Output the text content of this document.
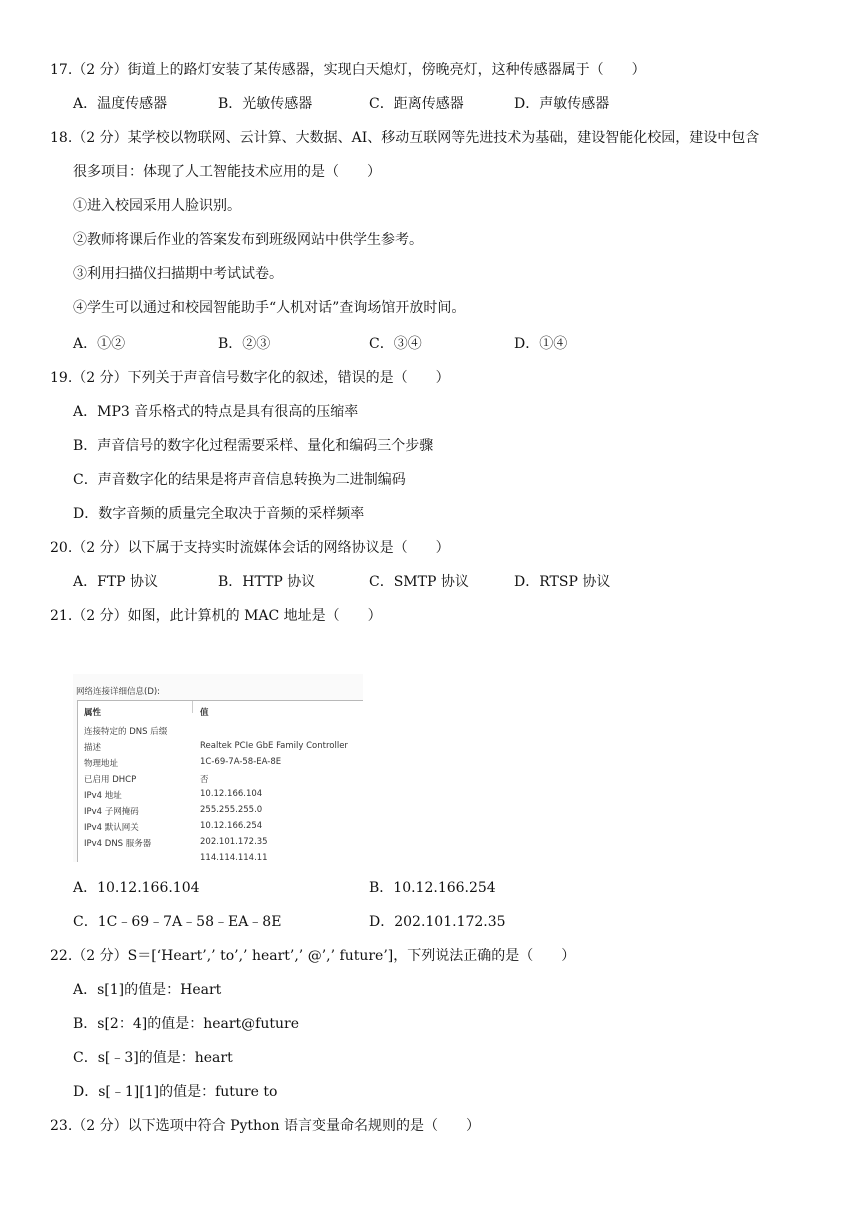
17.（2 分）街道上的路灯安装了某传感器，实现白天熄灯，傍晚亮灯，这种传感器属于（　　）
A．温度传感器	B．光敏传感器	C．距离传感器	D．声敏传感器
18.（2 分）某学校以物联网、云计算、大数据、AI、移动互联网等先进技术为基础，建设智能化校园，建设中包含
很多项目：体现了人工智能技术应用的是（　　）
①进入校园采用人脸识别。
②教师将课后作业的答案发布到班级网站中供学生参考。
③利用扫描仪扫描期中考试试卷。
④学生可以通过和校园智能助手“人机对话”查询场馆开放时间。
A．①②	B．②③	C．③④	D．①④
19.（2 分）下列关于声音信号数字化的叙述，错误的是（　　）
A．MP3 音乐格式的特点是具有很高的压缩率
B．声音信号的数字化过程需要采样、量化和编码三个步骤
C．声音数字化的结果是将声音信息转换为二进制编码
D．数字音频的质量完全取决于音频的采样频率
20.（2 分）以下属于支持实时流媒体会话的网络协议是（　　）
A．FTP 协议	B．HTTP 协议	C．SMTP 协议	D．RTSP 协议
21.（2 分）如图，此计算机的 MAC 地址是（　　）
网络连接详细信息(D):
属性	值
连接特定的 DNS 后缀
描述	Realtek PCIe GbE Family Controller
物理地址	1C-69-7A-58-EA-8E
已启用 DHCP	否
IPv4 地址	10.12.166.104
IPv4 子网掩码	255.255.255.0
IPv4 默认网关	10.12.166.254
IPv4 DNS 服务器	202.101.172.35
114.114.114.11
A．10.12.166.104	B．10.12.166.254
C．1C﹣69﹣7A﹣58﹣EA﹣8E	D．202.101.172.35
22.（2 分）S＝[‘Heart’,’ to’,’ heart’,’ @’,’ future’]，下列说法正确的是（　　）
A．s[1]的值是：Heart
B．s[2：4]的值是：heart@future
C．s[﹣3]的值是：heart
D．s[﹣1][1]的值是：future to
23.（2 分）以下选项中符合 Python 语言变量命名规则的是（　　）
